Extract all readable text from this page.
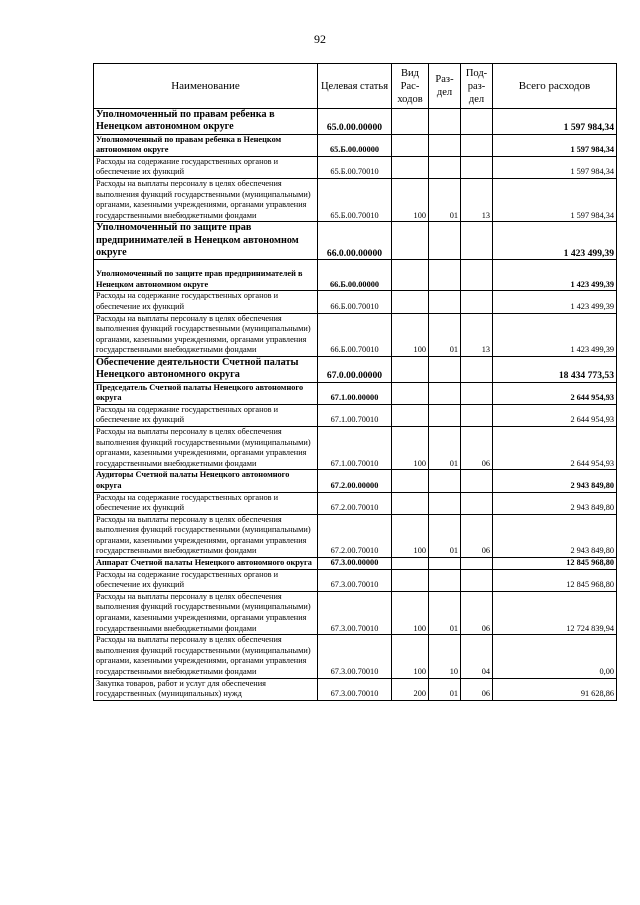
92
Наименование	Целевая статья	Вид Рас- ходов	Раз- дел	Под- раз- дел	Всего расходов
Уполномоченный по правам ребенка в Ненецком автономном округе	65.0.00.00000				1 597 984,34
Уполномоченный по правам ребенка в Ненецком автономном округе	65.Б.00.00000				1 597 984,34
Расходы на содержание государственных органов и обеспечение их функций	65.Б.00.70010				1 597 984,34
Расходы на выплаты персоналу в целях обеспечения выполнения функций государственными (муниципальными) органами, казенными учреждениями, органами управления государственными внебюджетными фондами	65.Б.00.70010	100	01	13	1 597 984,34
Уполномоченный по защите прав предпринимателей в Ненецком автономном округе	66.0.00.00000				1 423 499,39
Уполномоченный по защите прав предпринимателей в Ненецком автономном округе	66.Б.00.00000				1 423 499,39
Расходы на содержание государственных органов и обеспечение их функций	66.Б.00.70010				1 423 499,39
Расходы на выплаты персоналу в целях обеспечения выполнения функций государственными (муниципальными) органами, казенными учреждениями, органами управления государственными внебюджетными фондами	66.Б.00.70010	100	01	13	1 423 499,39
Обеспечение деятельности Счетной палаты Ненецкого автономного округа	67.0.00.00000				18 434 773,53
Председатель Счетной палаты Ненецкого автономного округа	67.1.00.00000				2 644 954,93
Расходы на содержание государственных органов и обеспечение их функций	67.1.00.70010				2 644 954,93
Расходы на выплаты персоналу в целях обеспечения выполнения функций государственными (муниципальными) органами, казенными учреждениями, органами управления государственными внебюджетными фондами	67.1.00.70010	100	01	06	2 644 954,93
Аудиторы Счетной палаты Ненецкого автономного округа	67.2.00.00000				2 943 849,80
Расходы на содержание государственных органов и обеспечение их функций	67.2.00.70010				2 943 849,80
Расходы на выплаты персоналу в целях обеспечения выполнения функций государственными (муниципальными) органами, казенными учреждениями, органами управления государственными внебюджетными фондами	67.2.00.70010	100	01	06	2 943 849,80
Аппарат Счетной палаты Ненецкого автономного округа	67.3.00.00000				12 845 968,80
Расходы на содержание государственных органов и обеспечение их функций	67.3.00.70010				12 845 968,80
Расходы на выплаты персоналу в целях обеспечения выполнения функций государственными (муниципальными) органами, казенными учреждениями, органами управления государственными внебюджетными фондами	67.3.00.70010	100	01	06	12 724 839,94
Расходы на выплаты персоналу в целях обеспечения выполнения функций государственными (муниципальными) органами, казенными учреждениями, органами управления государственными внебюджетными фондами	67.3.00.70010	100	10	04	0,00
Закупка товаров, работ и услуг для обеспечения государственных (муниципальных) нужд	67.3.00.70010	200	01	06	91 628,86
